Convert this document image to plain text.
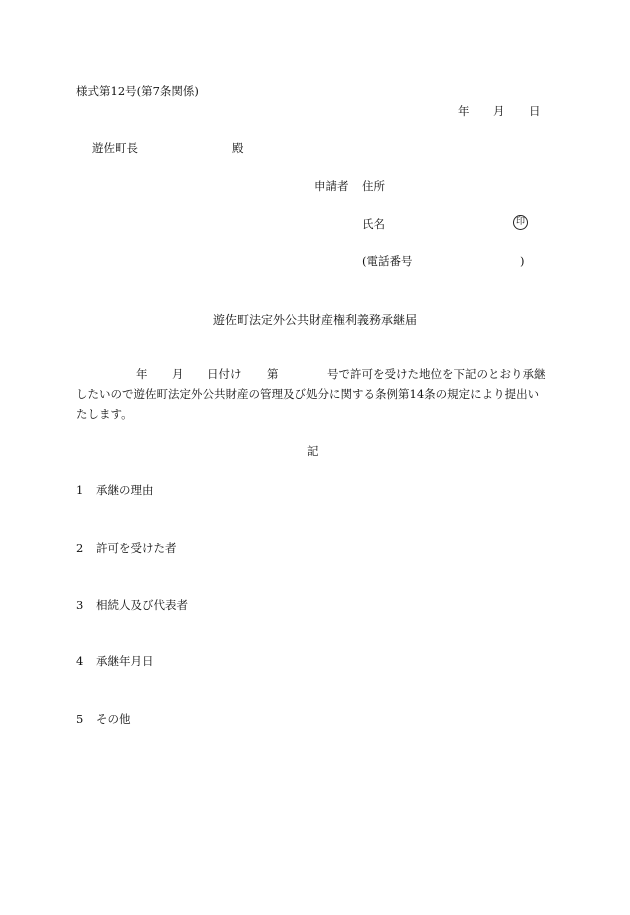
様式第12号(第7条関係)
年 月 日
遊佐町長	殿
申請者 住所
氏名	印
(電話番号	)
遊佐町法定外公共財産権利義務承継届
年 月 日付け 第	号で許可を受けた地位を下記のとおり承継
したいので遊佐町法定外公共財産の管理及び処分に関する条例第14条の規定により提出い
たします。
記
1 承継の理由
2 許可を受けた者
3 相続人及び代表者
4 承継年月日
5 その他
